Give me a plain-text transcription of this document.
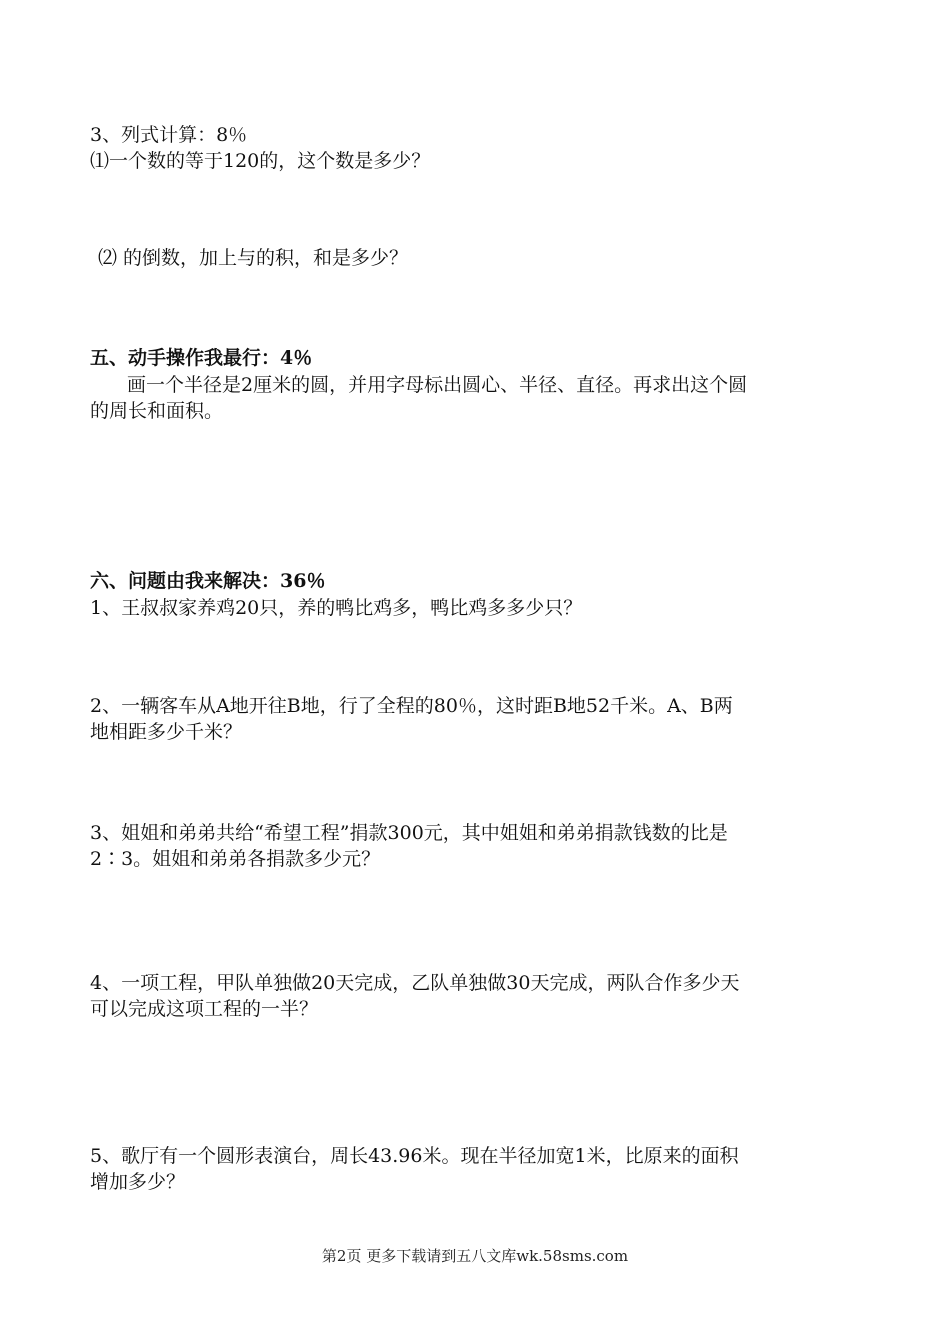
3、列式计算：8％
⑴一个数的等于120的，这个数是多少？
⑵ 的倒数，加上与的积，和是多少？
五、动手操作我最行：4％
画一个半径是2厘米的圆，并用字母标出圆心、半径、直径。再求出这个圆
的周长和面积。
六、问题由我来解决：36％
1、王叔叔家养鸡20只，养的鸭比鸡多，鸭比鸡多多少只？
2、一辆客车从A地开往B地，行了全程的80％，这时距B地52千米。A、B两
地相距多少千米？
3、姐姐和弟弟共给“希望工程”捐款300元，其中姐姐和弟弟捐款钱数的比是
2∶3。姐姐和弟弟各捐款多少元？
4、一项工程，甲队单独做20天完成，乙队单独做30天完成，两队合作多少天
可以完成这项工程的一半？
5、歌厅有一个圆形表演台，周长43.96米。现在半径加宽1米，比原来的面积
增加多少？
第2页 更多下载请到五八文库wk.58sms.com
